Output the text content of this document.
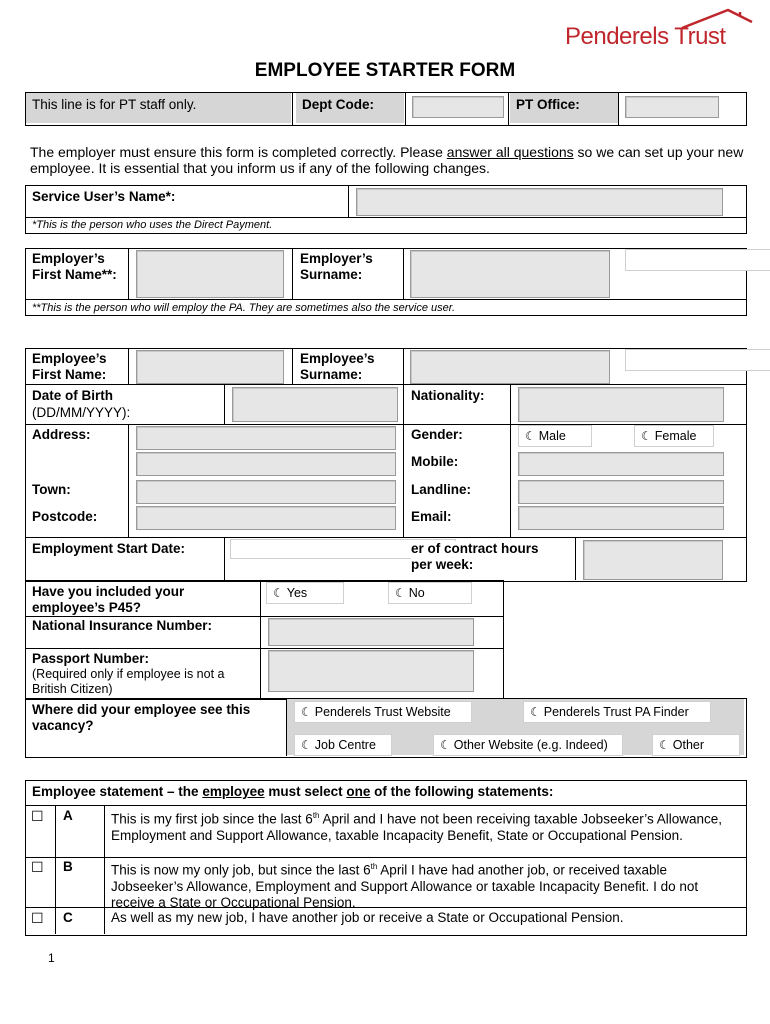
Penderels Trust
EMPLOYEE STARTER FORM
This line is for PT staff only.	Dept Code:	PT Office:
The employer must ensure this form is completed correctly. Please answer all questions so we can set up your new employee. It is essential that you inform us if any of the following changes.
Service User’s Name*:
*This is the person who uses the Direct Payment.
Employer’s First Name**:
Employer’s Surname:
**This is the person who will employ the PA. They are sometimes also the service user.
Employee’s First Name:
Employee’s Surname:
Date of Birth
(DD/MM/YYYY):
Nationality:
Address:	Gender:	☾ Male	☾ Female
Mobile:
Town:	Landline:
Postcode:	Email:
Employment Start Date:	er of contract hours per week:
Have you included your employee’s P45?
☾ Yes	☾ No
National Insurance Number:
Passport Number:
(Required only if employee is not a British Citizen)
Where did your employee see this vacancy?
☾ Penderels Trust Website	☾ Penderels Trust PA Finder
☾ Job Centre	☾ Other Website (e.g. Indeed)	☾ Other
Employee statement – the employee must select one of the following statements:
☐ A	This is my first job since the last 6th April and I have not been receiving taxable Jobseeker’s Allowance, Employment and Support Allowance, taxable Incapacity Benefit, State or Occupational Pension.
☐ B	This is now my only job, but since the last 6th April I have had another job, or received taxable Jobseeker’s Allowance, Employment and Support Allowance or taxable Incapacity Benefit. I do not receive a State or Occupational Pension.
☐ C	As well as my new job, I have another job or receive a State or Occupational Pension.
1
